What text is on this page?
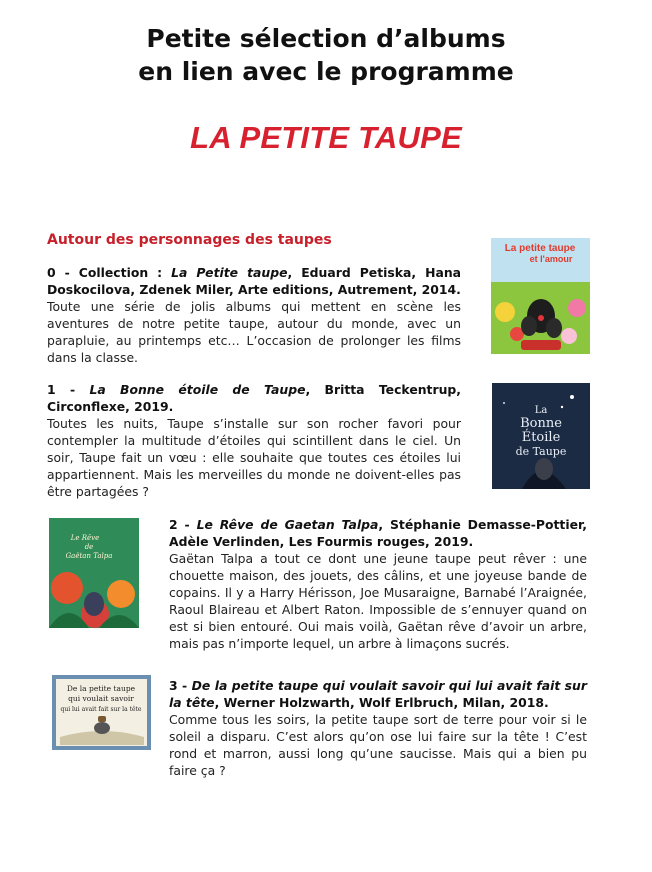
Petite sélection d’albums
en lien avec le programme
LA PETITE TAUPE
Autour des personnages des taupes
0 - Collection : La Petite taupe, Eduard Petiska, Hana Doskocilova, Zdenek Miler, Arte editions, Autrement, 2014.
Toute une série de jolis albums qui mettent en scène les aventures de notre petite taupe, autour du monde, avec un parapluie, au printemps etc… L’occasion de prolonger les films dans la classe.
La petite taupe
et l'amour
1 - La Bonne étoile de Taupe, Britta Teckentrup, Circonflexe, 2019.
Toutes les nuits, Taupe s’installe sur son rocher favori pour contempler la multitude d’étoiles qui scintillent dans le ciel. Un soir, Taupe fait un vœu : elle souhaite que toutes ces étoiles lui appartiennent. Mais les merveilles du monde ne doivent-elles pas être partagées ?
La
Bonne
Étoile
de Taupe
Le Rêve
de
Gaëtan Talpa
2 - Le Rêve de Gaetan Talpa, Stéphanie Demasse-Pottier, Adèle Verlinden, Les Fourmis rouges, 2019.
Gaëtan Talpa a tout ce dont une jeune taupe peut rêver : une chouette maison, des jouets, des câlins, et une joyeuse bande de copains. Il y a Harry Hérisson, Joe Musaraigne, Barnabé l’Araignée, Raoul Blaireau et Albert Raton. Impossible de s’ennuyer quand on est si bien entouré. Oui mais voilà, Gaëtan rêve d’avoir un arbre, mais pas n’importe lequel, un arbre à limaçons sucrés.
De la petite taupe
qui voulait savoir
qui lui avait fait sur la tête
3 - De la petite taupe qui voulait savoir qui lui avait fait sur la tête, Werner Holzwarth, Wolf Erlbruch, Milan, 2018.
Comme tous les soirs, la petite taupe sort de terre pour voir si le soleil a disparu. C’est alors qu’on ose lui faire sur la tête ! C’est rond et marron, aussi long qu’une saucisse. Mais qui a bien pu faire ça ?
